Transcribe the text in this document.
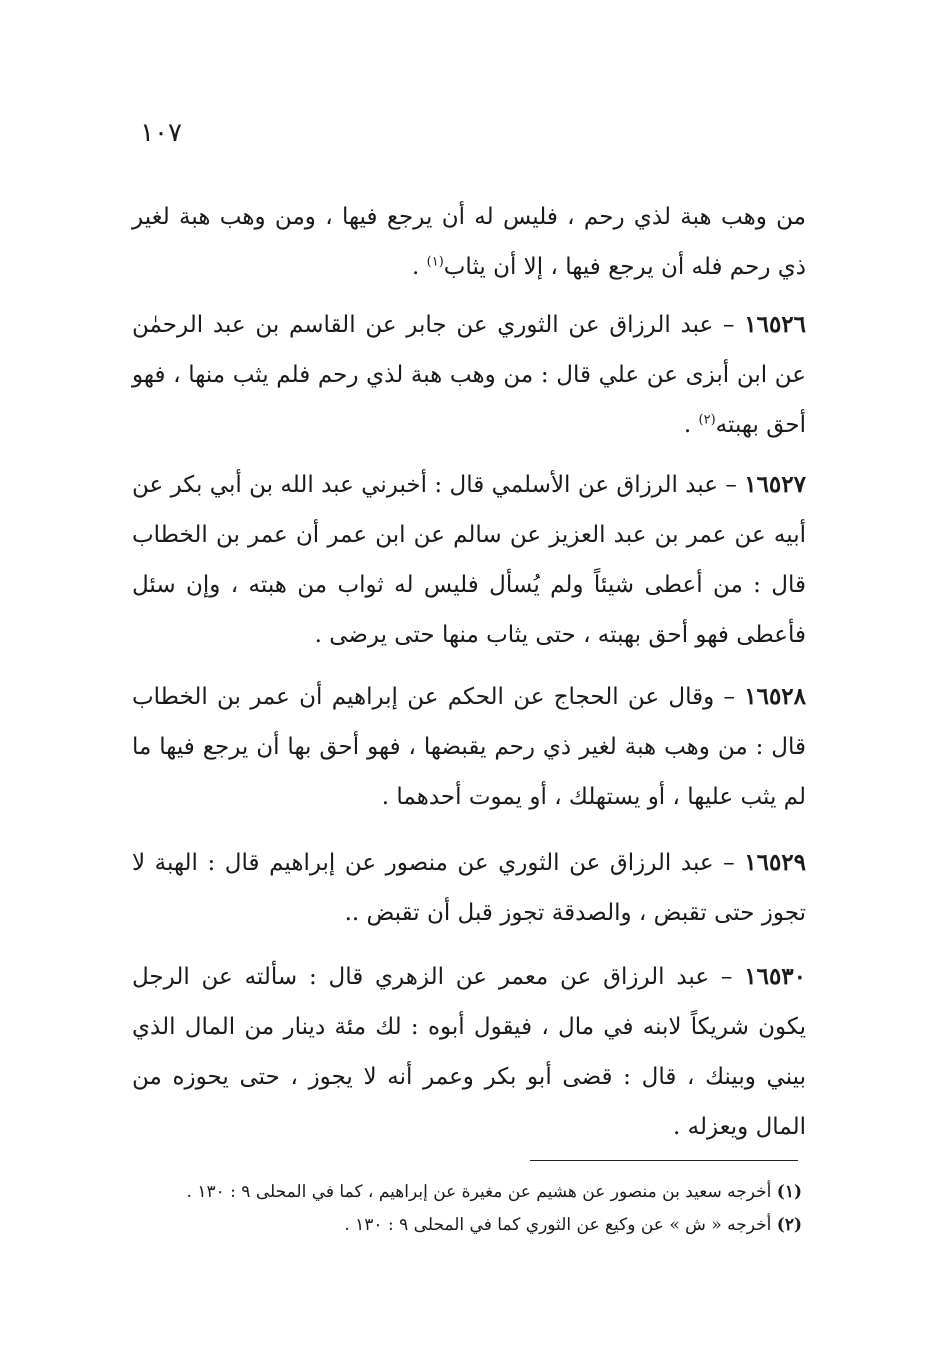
١٠٧

من وهب هبة لذي رحم ، فليس له أن يرجع فيها ، ومن وهب هبة لغير ذي رحم فله أن يرجع فيها ، إلا أن يثاب$^{(١)}$ .

١٦٥٢٦ – عبد الرزاق عن الثوري عن جابر عن القاسم بن عبد الرحمٰن عن ابن أبزى عن علي قال : من وهب هبة لذي رحم فلم يثب منها ، فهو أحق بهبته$^{(٢)}$ .

١٦٥٢٧ – عبد الرزاق عن الأسلمي قال : أخبرني عبد الله بن أبي بكر عن أبيه عن عمر بن عبد العزيز عن سالم عن ابن عمر أن عمر بن الخطاب قال : من أعطى شيئاً ولم يُسأل فليس له ثواب من هبته ، وإن سئل فأعطى فهو أحق بهبته ، حتى يثاب منها حتى يرضى .

١٦٥٢٨ – وقال عن الحجاج عن الحكم عن إبراهيم أن عمر بن الخطاب قال : من وهب هبة لغير ذي رحم يقبضها ، فهو أحق بها أن يرجع فيها ما لم يثب عليها ، أو يستهلك ، أو يموت أحدهما .

١٦٥٢٩ – عبد الرزاق عن الثوري عن منصور عن إبراهيم قال : الهبة لا تجوز حتى تقبض ، والصدقة تجوز قبل أن تقبض ..

١٦٥٣٠ – عبد الرزاق عن معمر عن الزهري قال : سألته عن الرجل يكون شريكاً لابنه في مال ، فيقول أبوه : لك مئة دينار من المال الذي بيني وبينك ، قال : قضى أبو بكر وعمر أنه لا يجوز ، حتى يحوزه من المال ويعزله .

(١) أخرجه سعيد بن منصور عن هشيم عن مغيرة عن إبراهيم ، كما في المحلى ٩ : ١٣٠ .

(٢) أخرجه « ش » عن وكيع عن الثوري كما في المحلى ٩ : ١٣٠ .
